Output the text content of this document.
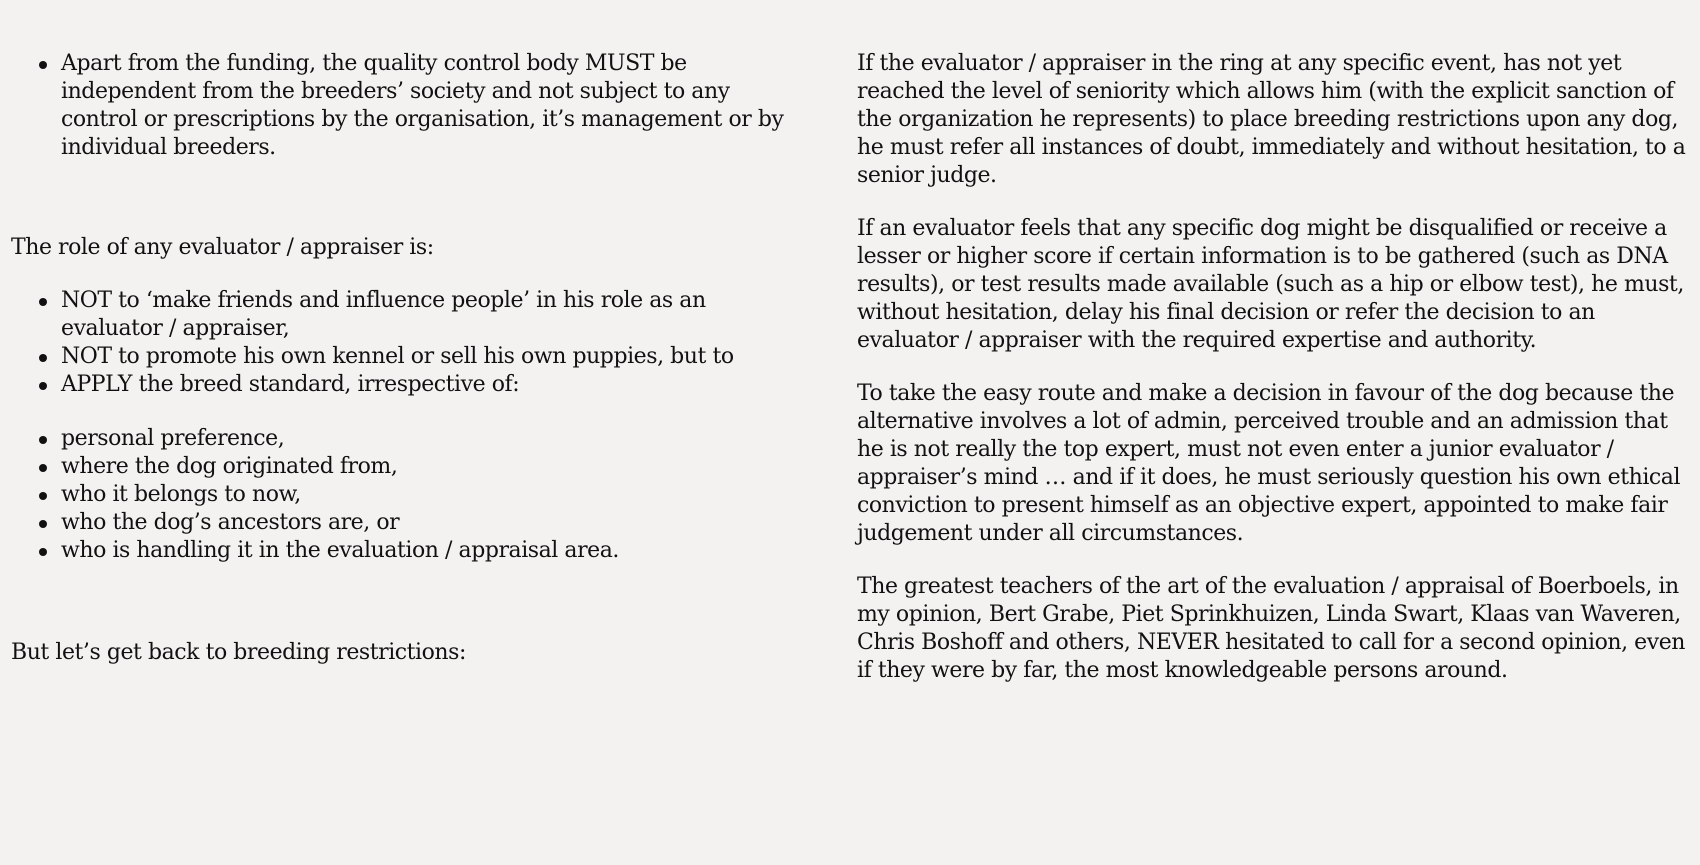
Apart from the funding, the quality control body MUST be independent from the breeders’ society and not subject to any control or prescriptions by the organisation, it’s management or by individual breeders.

The role of any evaluator / appraiser is:

NOT to ‘make friends and influence people’ in his role as an evaluator / appraiser,
NOT to promote his own kennel or sell his own puppies, but to
APPLY the breed standard, irrespective of:
personal preference,
where the dog originated from,
who it belongs to now,
who the dog’s ancestors are, or
who is handling it in the evaluation / appraisal area.

But let’s get back to breeding restrictions:

If the evaluator / appraiser in the ring at any specific event, has not yet reached the level of seniority which allows him (with the explicit sanction of the organization he represents) to place breeding restrictions upon any dog, he must refer all instances of doubt, immediately and without hesitation, to a senior judge.

If an evaluator feels that any specific dog might be disqualified or receive a lesser or higher score if certain information is to be gathered (such as DNA results), or test results made available (such as a hip or elbow test), he must, without hesitation, delay his final decision or refer the decision to an evaluator / appraiser with the required expertise and authority.

To take the easy route and make a decision in favour of the dog because the alternative involves a lot of admin, perceived trouble and an admission that he is not really the top expert, must not even enter a junior evaluator / appraiser’s mind … and if it does, he must seriously question his own ethical conviction to present himself as an objective expert, appointed to make fair judgement under all circumstances.

The greatest teachers of the art of the evaluation / appraisal of Boerboels, in my opinion, Bert Grabe, Piet Sprinkhuizen, Linda Swart, Klaas van Waveren, Chris Boshoff and others, NEVER hesitated to call for a second opinion, even if they were by far, the most knowledgeable persons around.
